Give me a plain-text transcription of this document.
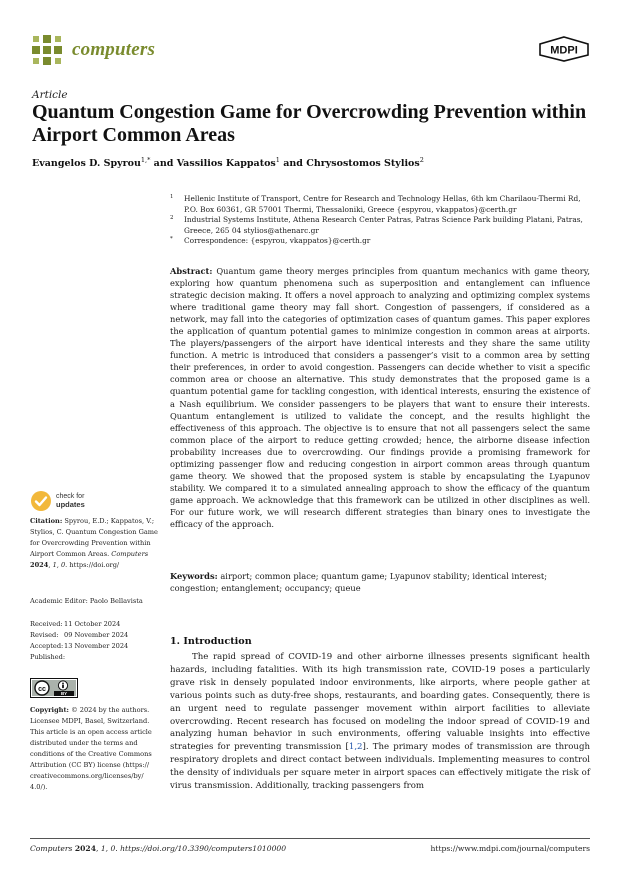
computers	MDPI
Article
Quantum Congestion Game for Overcrowding Prevention within Airport Common Areas
Evangelos D. Spyrou$^{1,*}$ and Vassilios Kappatos$^1$ and Chrysostomos Stylios$^2$
1 Hellenic Institute of Transport, Centre for Research and Technology Hellas, 6th km Charilaou-Thermi Rd, P.O. Box 60361, GR 57001 Thermi, Thessaloniki, Greece {espyrou, vkappatos}@certh.gr
2 Industrial Systems Institute, Athena Research Center Patras, Patras Science Park building Platani, Patras, Greece, 265 04 stylios@athenarc.gr
* Correspondence: {espyrou, vkappatos}@certh.gr
Abstract: Quantum game theory merges principles from quantum mechanics with game theory, exploring how quantum phenomena such as superposition and entanglement can influence strategic decision making. It offers a novel approach to analyzing and optimizing complex systems where traditional game theory may fall short. Congestion of passengers, if considered as a network, may fall into the categories of optimization cases of quantum games. This paper explores the application of quantum potential games to minimize congestion in common areas at airports. The players/passengers of the airport have identical interests and they share the same utility function. A metric is introduced that considers a passenger’s visit to a common area by setting their preferences, in order to avoid congestion. Passengers can decide whether to visit a specific common area or choose an alternative. This study demonstrates that the proposed game is a quantum potential game for tackling congestion, with identical interests, ensuring the existence of a Nash equilibrium. We consider passengers to be players that want to ensure their interests. Quantum entanglement is utilized to validate the concept, and the results highlight the effectiveness of this approach. The objective is to ensure that not all passengers select the same common place of the airport to reduce getting crowded; hence, the airborne disease infection probability increases due to overcrowding. Our findings provide a promising framework for optimizing passenger flow and reducing congestion in airport common areas through quantum game theory. We showed that the proposed system is stable by encapsulating the Lyapunov stability. We compared it to a simulated annealing approach to show the efficacy of the quantum game approach. We acknowledge that this framework can be utilized in other disciplines as well. For our future work, we will research different strategies than binary ones to investigate the efficacy of the approach.
Keywords: airport; common place; quantum game; Lyapunov stability; identical interest; congestion; entanglement; occupancy; queue
check for
updates
Citation: Spyrou, E.D.; Kappatos, V.; Stylios, C. Quantum Congestion Game for Overcrowding Prevention within Airport Common Areas. Computers 2024, 1, 0. https://doi.org/
Academic Editor: Paolo Bellavista
Received: 11 October 2024
Revised: 09 November 2024
Accepted: 13 November 2024
Published:
cc
BY
Copyright: © 2024 by the authors. Licensee MDPI, Basel, Switzerland. This article is an open access article distributed under the terms and conditions of the Creative Commons Attribution (CC BY) license (https:// creativecommons.org/licenses/by/ 4.0/).
1. Introduction
The rapid spread of COVID-19 and other airborne illnesses presents significant health hazards, including fatalities. With its high transmission rate, COVID-19 poses a particularly grave risk in densely populated indoor environments, like airports, where people gather at various points such as duty-free shops, restaurants, and boarding gates. Consequently, there is an urgent need to regulate passenger movement within airport facilities to alleviate overcrowding. Recent research has focused on modeling the indoor spread of COVID-19 and analyzing human behavior in such environments, offering valuable insights into effective strategies for preventing transmission [1,2]. The primary modes of transmission are through respiratory droplets and direct contact between individuals. Implementing measures to control the density of individuals per square meter in airport spaces can effectively mitigate the risk of virus transmission. Additionally, tracking passengers from
Computers 2024, 1, 0. https://doi.org/10.3390/computers1010000	https://www.mdpi.com/journal/computers
